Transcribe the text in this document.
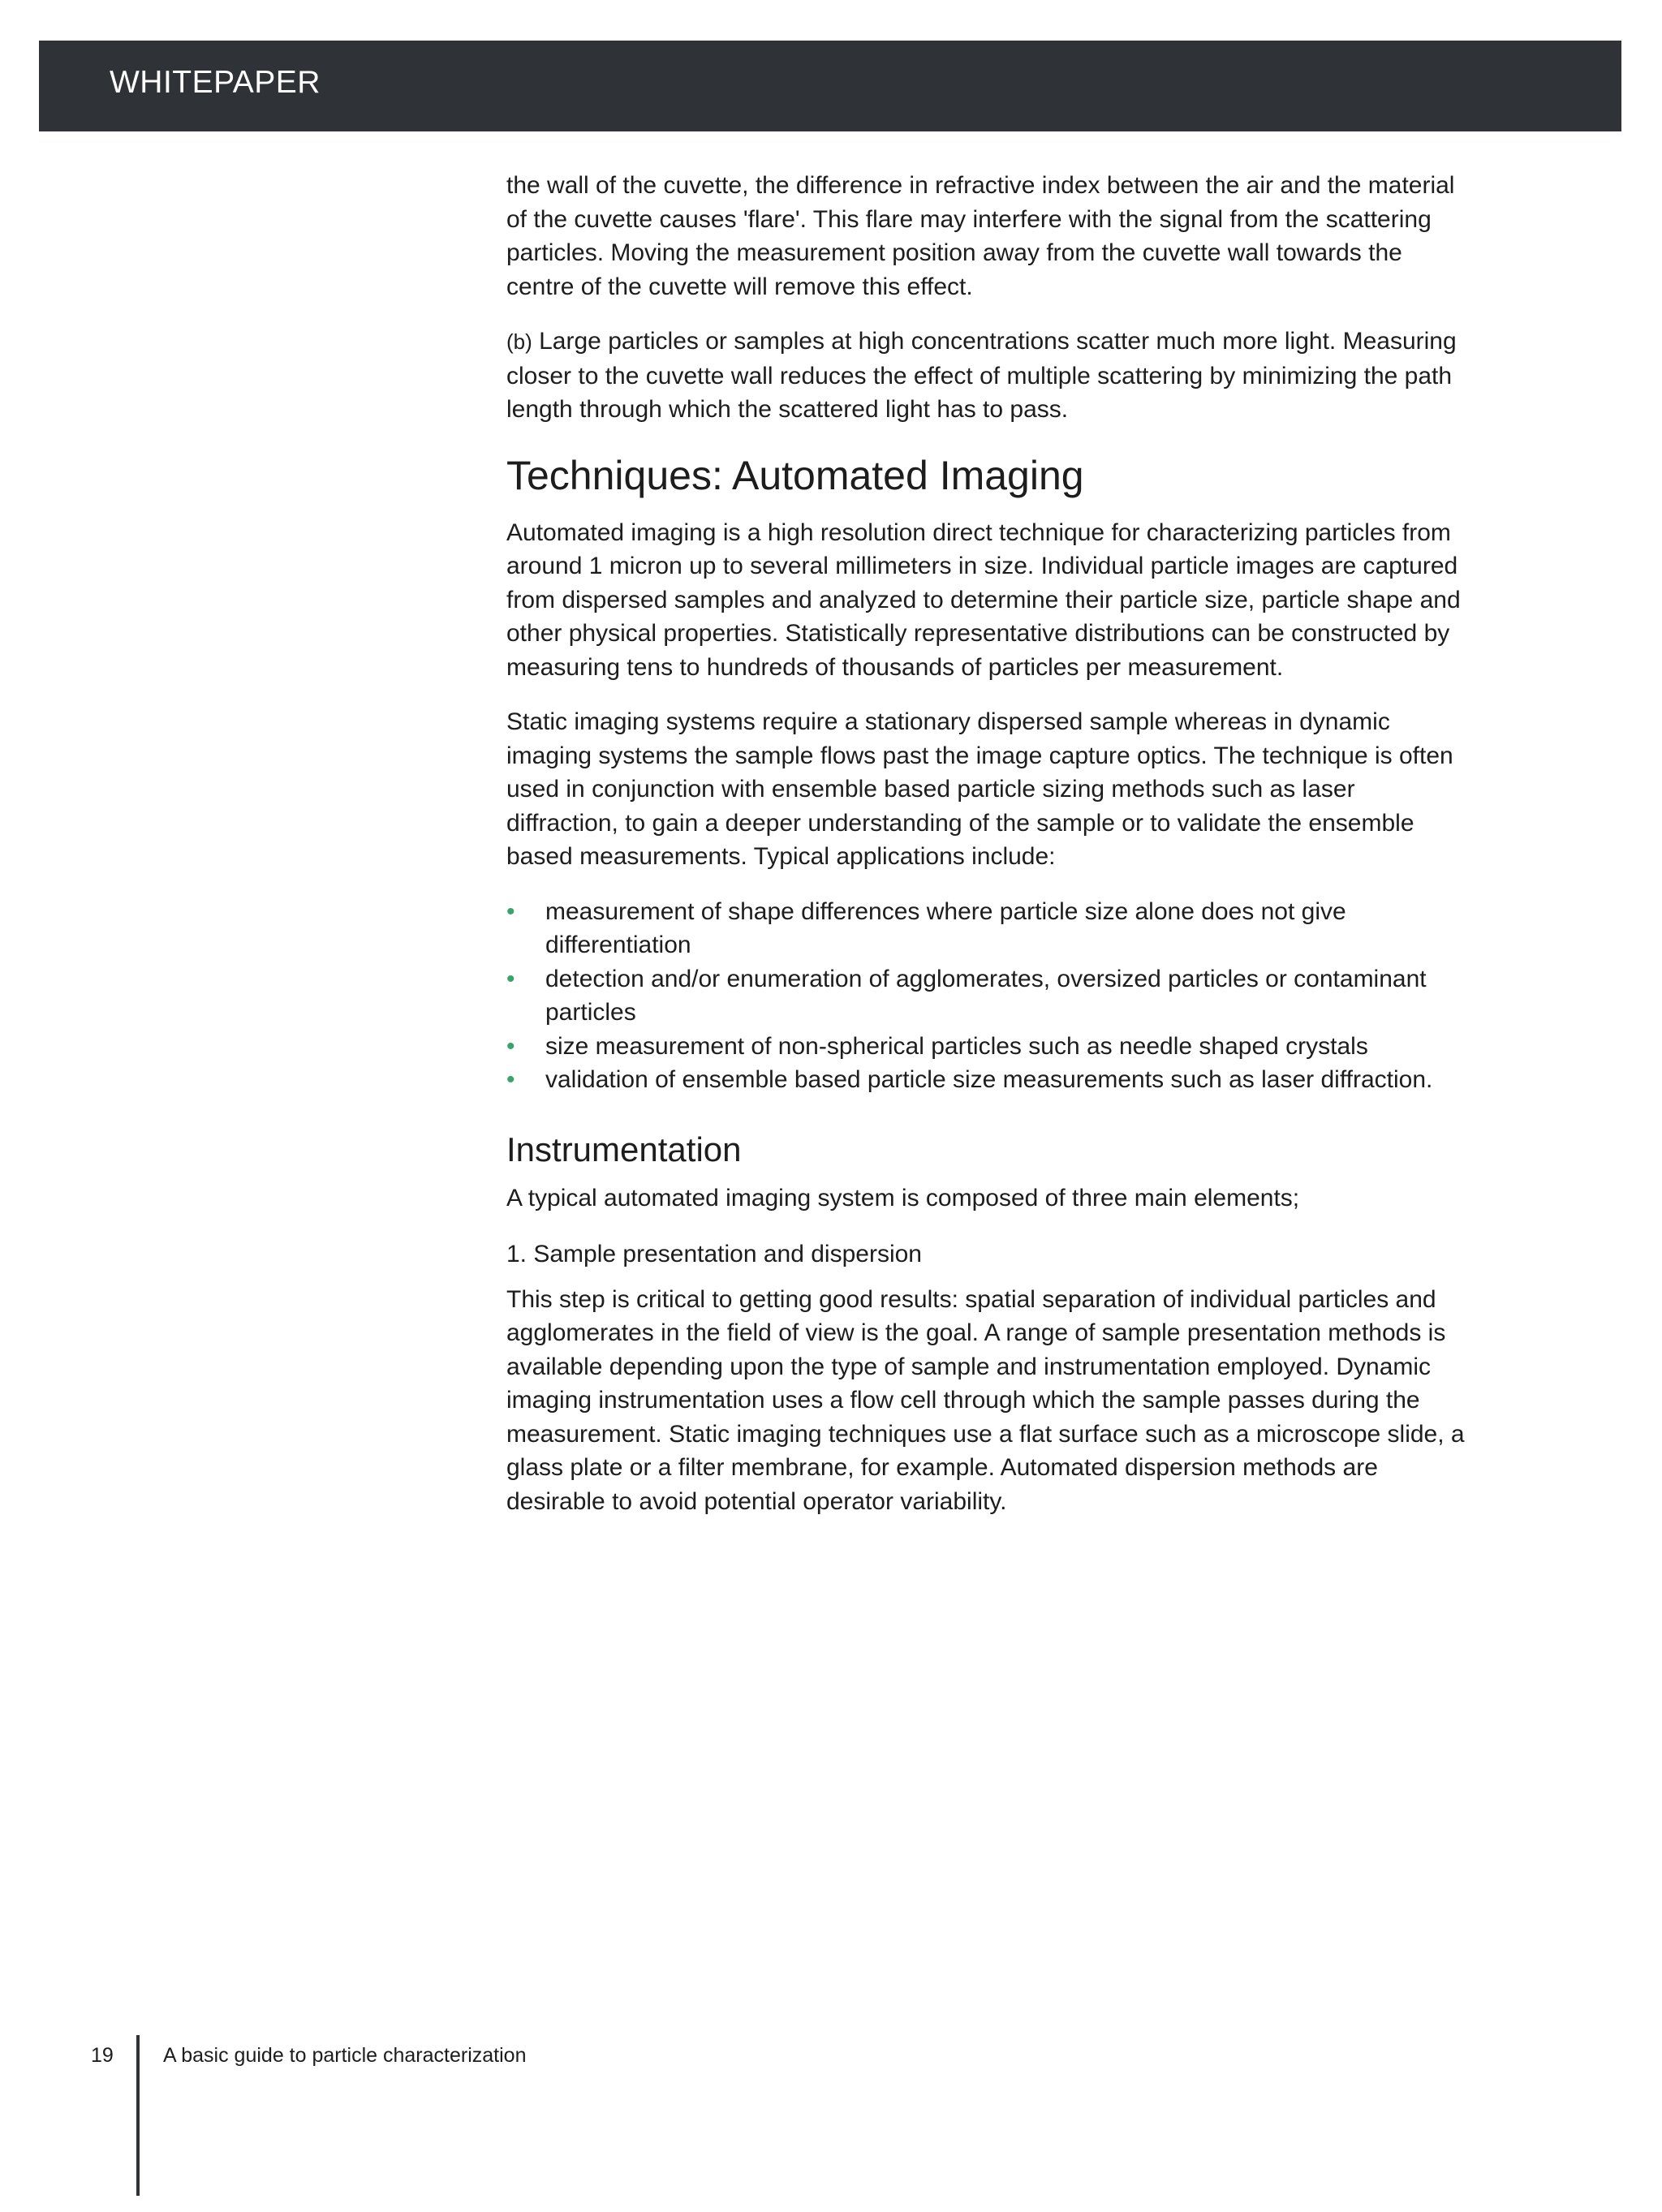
WHITEPAPER

the wall of the cuvette, the difference in refractive index between the air and the material of the cuvette causes 'flare'. This flare may interfere with the signal from the scattering particles. Moving the measurement position away from the cuvette wall towards the centre of the cuvette will remove this effect.

(b) Large particles or samples at high concentrations scatter much more light. Measuring closer to the cuvette wall reduces the effect of multiple scattering by minimizing the path length through which the scattered light has to pass.

Techniques: Automated Imaging

Automated imaging is a high resolution direct technique for characterizing particles from around 1 micron up to several millimeters in size. Individual particle images are captured from dispersed samples and analyzed to determine their particle size, particle shape and other physical properties. Statistically representative distributions can be constructed by measuring tens to hundreds of thousands of particles per measurement.

Static imaging systems require a stationary dispersed sample whereas in dynamic imaging systems the sample flows past the image capture optics. The technique is often used in conjunction with ensemble based particle sizing methods such as laser diffraction, to gain a deeper understanding of the sample or to validate the ensemble based measurements. Typical applications include:

• measurement of shape differences where particle size alone does not give differentiation
• detection and/or enumeration of agglomerates, oversized particles or contaminant particles
• size measurement of non-spherical particles such as needle shaped crystals
• validation of ensemble based particle size measurements such as laser diffraction.
Instrumentation

A typical automated imaging system is composed of three main elements;

1. Sample presentation and dispersion

This step is critical to getting good results: spatial separation of individual particles and agglomerates in the field of view is the goal. A range of sample presentation methods is available depending upon the type of sample and instrumentation employed. Dynamic imaging instrumentation uses a flow cell through which the sample passes during the measurement. Static imaging techniques use a flat surface such as a microscope slide, a glass plate or a filter membrane, for example. Automated dispersion methods are desirable to avoid potential operator variability.

19 A basic guide to particle characterization
